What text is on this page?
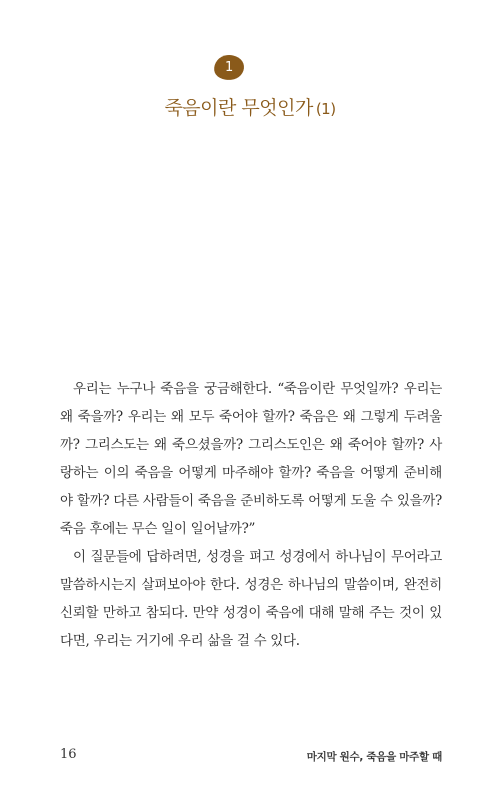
1
죽음이란 무엇인가 (1)

우리는 누구나 죽음을 궁금해한다. “죽음이란 무엇일까? 우리는 왜 죽을까? 우리는 왜 모두 죽어야 할까? 죽음은 왜 그렇게 두려울까? 그리스도는 왜 죽으셨을까? 그리스도인은 왜 죽어야 할까? 사랑하는 이의 죽음을 어떻게 마주해야 할까? 죽음을 어떻게 준비해야 할까? 다른 사람들이 죽음을 준비하도록 어떻게 도울 수 있을까? 죽음 후에는 무슨 일이 일어날까?”

이 질문들에 답하려면, 성경을 펴고 성경에서 하나님이 무어라고 말씀하시는지 살펴보아야 한다. 성경은 하나님의 말씀이며, 완전히 신뢰할 만하고 참되다. 만약 성경이 죽음에 대해 말해 주는 것이 있다면, 우리는 거기에 우리 삶을 걸 수 있다.

16	마지막 원수, 죽음을 마주할 때
